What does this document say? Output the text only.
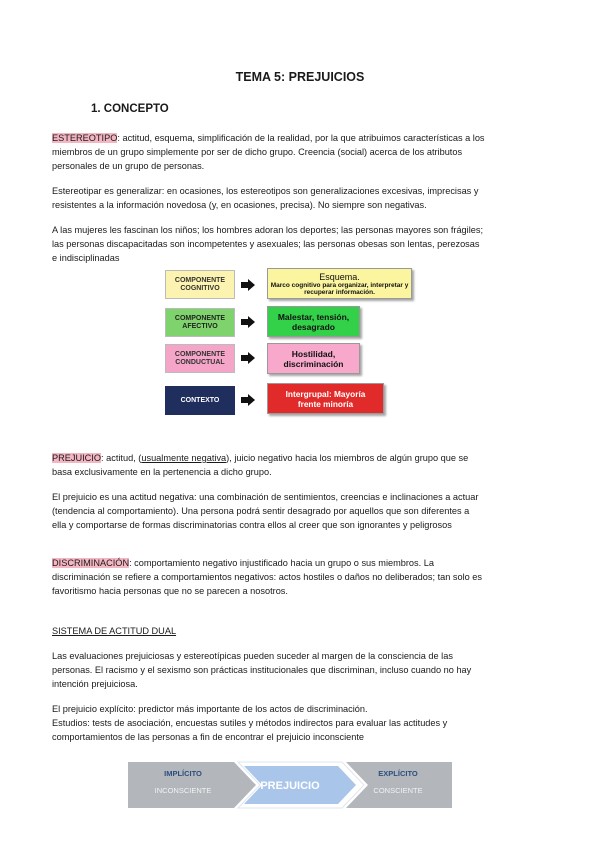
TEMA 5: PREJUICIOS
1. CONCEPTO
ESTEREOTIPO: actitud, esquema, simplificación de la realidad, por la que atribuimos características a los
miembros de un grupo simplemente por ser de dicho grupo. Creencia (social) acerca de los atributos
personales de un grupo de personas.
Estereotipar es generalizar: en ocasiones, los estereotipos son generalizaciones excesivas, imprecisas y
resistentes a la información novedosa (y, en ocasiones, precisa). No siempre son negativas.
A las mujeres les fascinan los niños; los hombres adoran los deportes; las personas mayores son frágiles;
las personas discapacitadas son incompetentes y asexuales; las personas obesas son lentas, perezosas
e indisciplinadas
COMPONENTE COGNITIVO
Esquema.
Marco cognitivo para organizar, interpretar y recuperar información.
COMPONENTE AFECTIVO
Malestar, tensión, desagrado
COMPONENTE CONDUCTUAL
Hostilidad, discriminación
CONTEXTO
Intergrupal: Mayoría frente minoría
PREJUICIO: actitud, (usualmente negativa), juicio negativo hacia los miembros de algún grupo que se
basa exclusivamente en la pertenencia a dicho grupo.
El prejuicio es una actitud negativa: una combinación de sentimientos, creencias e inclinaciones a actuar
(tendencia al comportamiento). Una persona podrá sentir desagrado por aquellos que son diferentes a
ella y comportarse de formas discriminatorias contra ellos al creer que son ignorantes y peligrosos
DISCRIMINACIÓN: comportamiento negativo injustificado hacia un grupo o sus miembros. La
discriminación se refiere a comportamientos negativos: actos hostiles o daños no deliberados; tan solo es
favoritismo hacia personas que no se parecen a nosotros.
SISTEMA DE ACTITUD DUAL
Las evaluaciones prejuiciosas y estereotípicas pueden suceder al margen de la consciencia de las
personas. El racismo y el sexismo son prácticas institucionales que discriminan, incluso cuando no hay
intención prejuiciosa.
El prejuicio explícito: predictor más importante de los actos de discriminación.
Estudios: tests de asociación, encuestas sutiles y métodos indirectos para evaluar las actitudes y
comportamientos de las personas a fin de encontrar el prejuicio inconsciente
IMPLÍCITO
INCONSCIENTE	PREJUICIO
EXPLÍCITO
CONSCIENTE
